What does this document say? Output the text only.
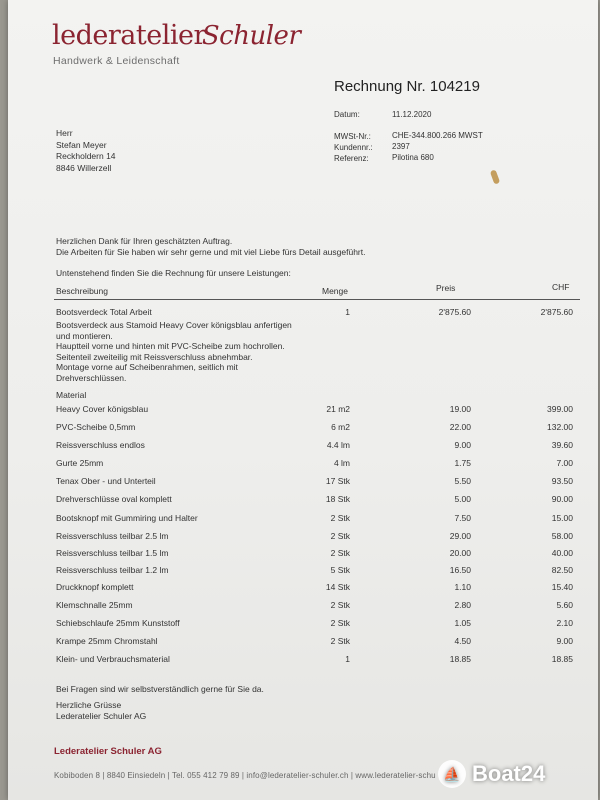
lederatelierSchuler
Handwerk & Leidenschaft
Rechnung Nr. 104219
Datum:	11.12.2020
MWSt-Nr.:	CHE-344.800.266 MWST
Kundennr.: 2397
Referenz:	Pilotina 680
Herr
Stefan Meyer
Reckholdern 14
8846 Willerzell
Herzlichen Dank für Ihren geschätzten Auftrag.
Die Arbeiten für Sie haben wir sehr gerne und mit viel Liebe fürs Detail ausgeführt.
Untenstehend finden Sie die Rechnung für unsere Leistungen:
Beschreibung	Menge	Preis	CHF
Bootsverdeck Total Arbeit	1	2'875.60	2'875.60
Bootsverdeck aus Stamoid Heavy Cover königsblau anfertigen
und montieren.
Hauptteil vorne und hinten mit PVC-Scheibe zum hochrollen.
Seitenteil zweiteilig mit Reissverschluss abnehmbar.
Montage vorne auf Scheibenrahmen, seitlich mit
Drehverschlüssen.
Material
Heavy Cover königsblau	21 m2	19.00	399.00
PVC-Scheibe 0,5mm	6 m2	22.00	132.00
Reissverschluss endlos	4.4 lm	9.00	39.60
Gurte 25mm	4 lm	1.75	7.00
Tenax Ober - und Unterteil	17 Stk	5.50	93.50
Drehverschlüsse oval komplett	18 Stk	5.00	90.00
Bootsknopf mit Gummiring und Halter	2 Stk	7.50	15.00
Reissverschluss teilbar 2.5 lm	2 Stk	29.00	58.00
Reissverschluss teilbar 1.5 lm	2 Stk	20.00	40.00
Reissverschluss teilbar 1.2 lm	5 Stk	16.50	82.50
Druckknopf komplett	14 Stk	1.10	15.40
Klemschnalle 25mm	2 Stk	2.80	5.60
Schiebschlaufe 25mm Kunststoff	2 Stk	1.05	2.10
Krampe 25mm Chromstahl	2 Stk	4.50	9.00
Klein- und Verbrauchsmaterial	1	18.85	18.85
Bei Fragen sind wir selbstverständlich gerne für Sie da.
Herzliche Grüsse
Lederatelier Schuler AG
Lederatelier Schuler AG
Kobiboden 8 | 8840 Einsiedeln | Tel. 055 412 79 89 | info@lederatelier-schuler.ch | www.lederatelier-schu ⛵ Boat24
